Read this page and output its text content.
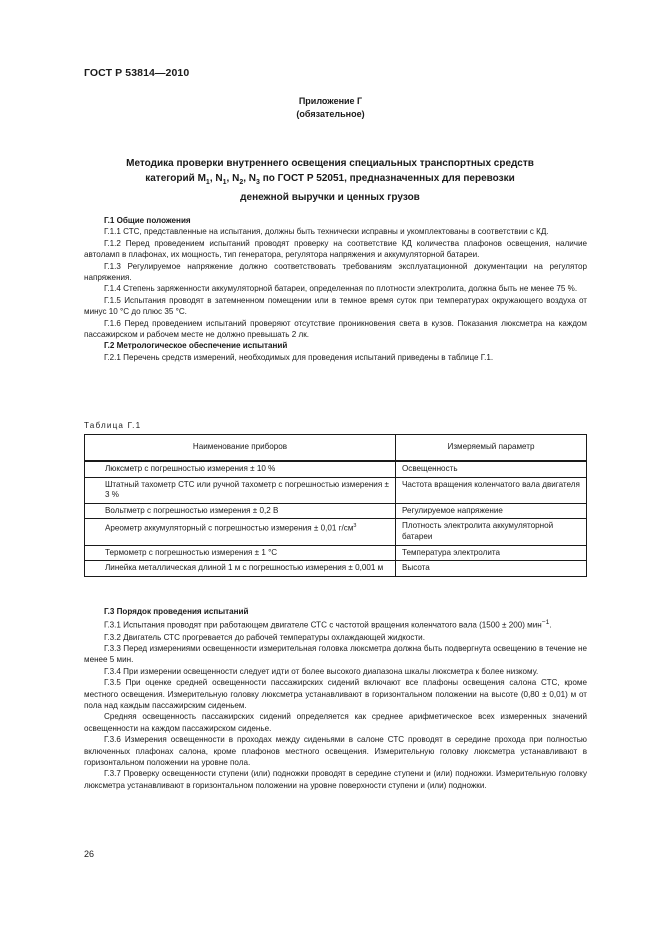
ГОСТ Р 53814—2010
Приложение Г
(обязательное)
Методика проверки внутреннего освещения специальных транспортных средств
категорий $М_1$, $N_1$, $N_2$, $N_3$ по ГОСТ Р 52051, предназначенных для перевозки
денежной выручки и ценных грузов

Г.1 Общие положения

Г.1.1 СТС, представленные на испытания, должны быть технически исправны и укомплектованы в соответствии с КД.

Г.1.2 Перед проведением испытаний проводят проверку на соответствие КД количества плафонов освещения, наличие автоламп в плафонах, их мощность, тип генератора, регулятора напряжения и аккумуляторной батареи.

Г.1.3 Регулируемое напряжение должно соответствовать требованиям эксплуатационной документации на регулятор напряжения.

Г.1.4 Степень заряженности аккумуляторной батареи, определенная по плотности электролита, должна быть не менее 75 %.

Г.1.5 Испытания проводят в затемненном помещении или в темное время суток при температурах окружающего воздуха от минус 10 °С до плюс 35 °С.

Г.1.6 Перед проведением испытаний проверяют отсутствие проникновения света в кузов. Показания люксметра на каждом пассажирском и рабочем месте не должно превышать 2 лк.

Г.2 Метрологическое обеспечение испытаний

Г.2.1 Перечень средств измерений, необходимых для проведения испытаний приведены в таблице Г.1.

Таблица Г.1
Наименование приборов	Измеряемый параметр
Люксметр с погрешностью измерения ± 10 %	Освещенность
Штатный тахометр СТС или ручной тахометр с погрешностью измерения ± 3 %	Частота вращения коленчатого вала двигателя
Вольтметр с погрешностью измерения ± 0,2 В	Регулируемое напряжение
Ареометр аккумуляторный с погрешностью измерения ± 0,01 $г/см^3$	Плотность электролита аккумуляторной батареи
Термометр с погрешностью измерения ± 1 °С	Температура электролита
Линейка металлическая длиной 1 м с погрешностью измерения ± 0,001 м	Высота

Г.3 Порядок проведения испытаний

Г.3.1 Испытания проводят при работающем двигателе СТС с частотой вращения коленчатого вала (1500 ± 200) мин$^{-1}$.

Г.3.2 Двигатель СТС прогревается до рабочей температуры охлаждающей жидкости.

Г.3.3 Перед измерениями освещенности измерительная головка люксметра должна быть подвергнута освещению в течение не менее 5 мин.

Г.3.4 При измерении освещенности следует идти от более высокого диапазона шкалы люксметра к более низкому.

Г.3.5 При оценке средней освещенности пассажирских сидений включают все плафоны освещения салона СТС, кроме местного освещения. Измерительную головку люксметра устанавливают в горизонтальном положении на высоте (0,80 ± 0,01) м от пола над каждым пассажирским сиденьем.

Средняя освещенность пассажирских сидений определяется как среднее арифметическое всех измеренных значений освещенности на каждом пассажирском сиденье.

Г.3.6 Измерения освещенности в проходах между сиденьями в салоне СТС проводят в середине прохода при полностью включенных плафонах салона, кроме плафонов местного освещения. Измерительную головку люксметра устанавливают в горизонтальном положении на уровне пола.

Г.3.7 Проверку освещенности ступени (или) подножки проводят в середине ступени и (или) подножки. Измерительную головку люксметра устанавливают в горизонтальном положении на уровне поверхности ступени и (или) подножки.

26
